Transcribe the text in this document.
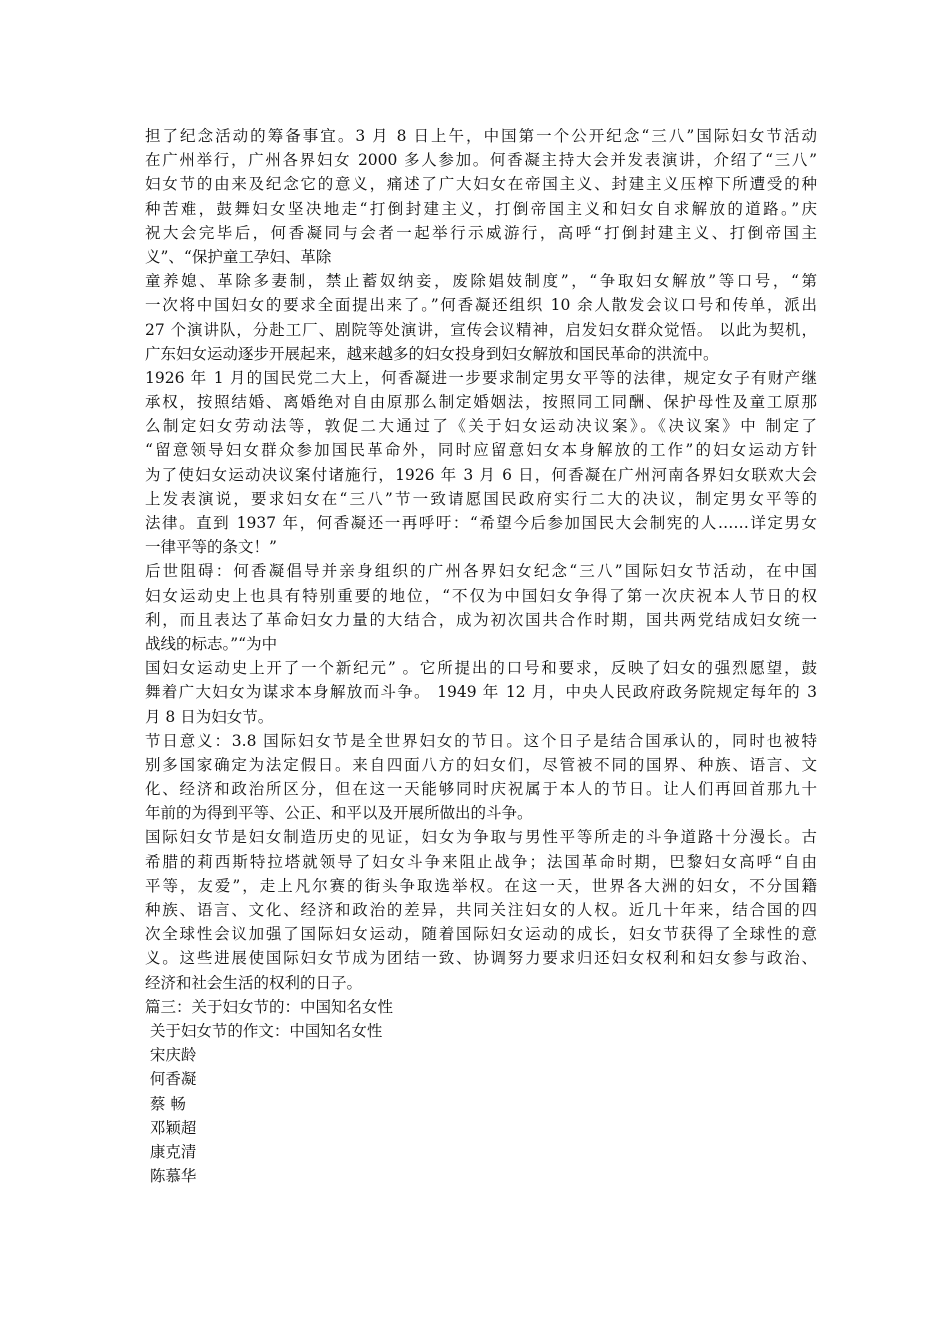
担了纪念活动的筹备事宜。3 月 8 日上午，中国第一个公开纪念“三八”国际妇女节活动
在广州举行，广州各界妇女 2000 多人参加。何香凝主持大会并发表演讲，介绍了“三八”
妇女节的由来及纪念它的意义，痛述了广大妇女在帝国主义、封建主义压榨下所遭受的种
种苦难，鼓舞妇女坚决地走“打倒封建主义，打倒帝国主义和妇女自求解放的道路。”庆
祝大会完毕后，何香凝同与会者一起举行示威游行，高呼“打倒封建主义、打倒帝国主
义”、“保护童工孕妇、革除
童养媳、革除多妻制，禁止蓄奴纳妾，废除娼妓制度”，“争取妇女解放”等口号，“第
一次将中国妇女的要求全面提出来了。”何香凝还组织 10 余人散发会议口号和传单，派出
27 个演讲队，分赴工厂、剧院等处演讲，宣传会议精神，启发妇女群众觉悟。 以此为契机，
广东妇女运动逐步开展起来，越来越多的妇女投身到妇女解放和国民革命的洪流中。
1926 年 1 月的国民党二大上，何香凝进一步要求制定男女平等的法律，规定女子有财产继
承权，按照结婚、离婚绝对自由原那么制定婚姻法，按照同工同酬、保护母性及童工原那
么制定妇女劳动法等，敦促二大通过了《关于妇女运动决议案》。《决议案》中 制定了
“留意领导妇女群众参加国民革命外，同时应留意妇女本身解放的工作”的妇女运动方针
为了使妇女运动决议案付诸施行，1926 年 3 月 6 日，何香凝在广州河南各界妇女联欢大会
上发表演说，要求妇女在“三八”节一致请愿国民政府实行二大的决议，制定男女平等的
法律。直到 1937 年，何香凝还一再呼吁：“希望今后参加国民大会制宪的人……详定男女
一律平等的条文！”
后世阻碍：何香凝倡导并亲身组织的广州各界妇女纪念“三八”国际妇女节活动，在中国
妇女运动史上也具有特别重要的地位，“不仅为中国妇女争得了第一次庆祝本人节日的权
利，而且表达了革命妇女力量的大结合，成为初次国共合作时期，国共两党结成妇女统一
战线的标志。”“为中
国妇女运动史上开了一个新纪元” 。它所提出的口号和要求，反映了妇女的强烈愿望，鼓
舞着广大妇女为谋求本身解放而斗争。 1949 年 12 月，中央人民政府政务院规定每年的 3
月 8 日为妇女节。
节日意义：3.8 国际妇女节是全世界妇女的节日。这个日子是结合国承认的，同时也被特
别多国家确定为法定假日。来自四面八方的妇女们，尽管被不同的国界、种族、语言、文
化、经济和政治所区分，但在这一天能够同时庆祝属于本人的节日。让人们再回首那九十
年前的为得到平等、公正、和平以及开展所做出的斗争。
国际妇女节是妇女制造历史的见证，妇女为争取与男性平等所走的斗争道路十分漫长。古
希腊的莉西斯特拉塔就领导了妇女斗争来阻止战争；法国革命时期，巴黎妇女高呼“自由
平等，友爱”，走上凡尔赛的街头争取选举权。在这一天，世界各大洲的妇女，不分国籍
种族、语言、文化、经济和政治的差异，共同关注妇女的人权。近几十年来，结合国的四
次全球性会议加强了国际妇女运动，随着国际妇女运动的成长，妇女节获得了全球性的意
义。这些进展使国际妇女节成为团结一致、协调努力要求归还妇女权利和妇女参与政治、
经济和社会生活的权利的日子。
篇三：关于妇女节的：中国知名女性
关于妇女节的作文：中国知名女性
宋庆龄
何香凝
蔡 畅
邓颖超
康克清
陈慕华
